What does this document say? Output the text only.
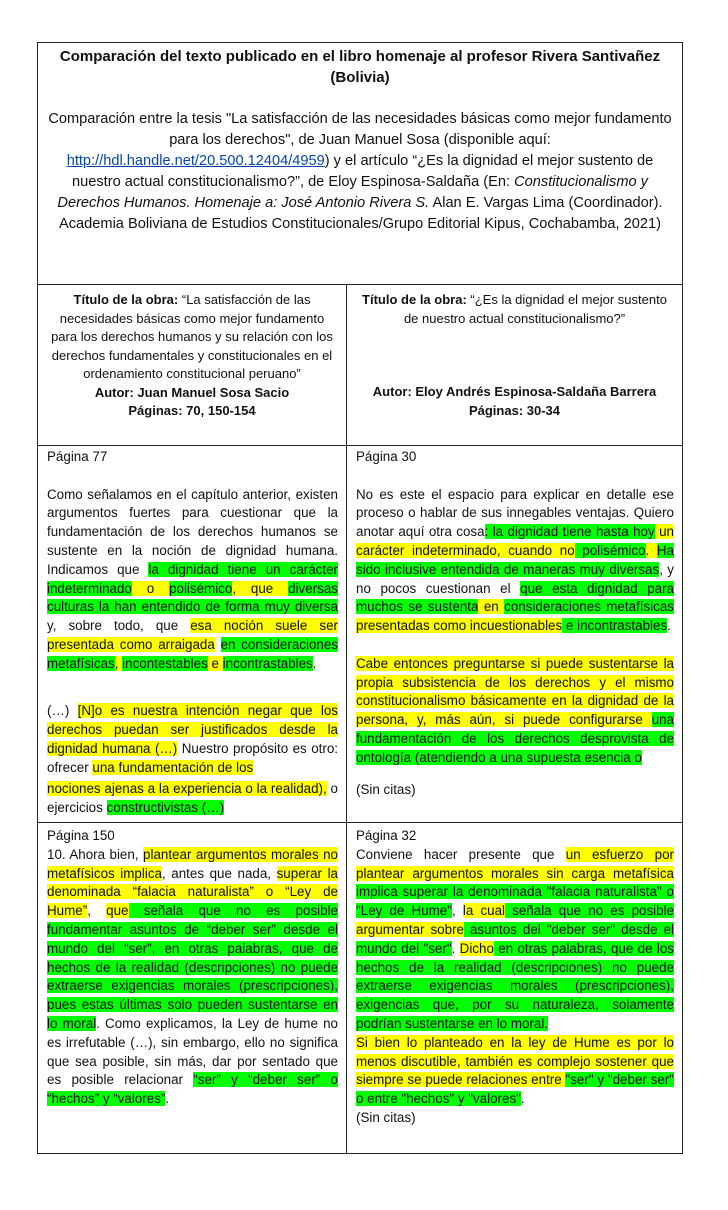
Comparación del texto publicado en el libro homenaje al profesor Rivera Santivañez (Bolivia)
Comparación entre la tesis "La satisfacción de las necesidades básicas como mejor fundamento para los derechos", de Juan Manuel Sosa (disponible aquí: http://hdl.handle.net/20.500.12404/4959) y el artículo “¿Es la dignidad el mejor sustento de nuestro actual constitucionalismo?”, de Eloy Espinosa-Saldaña (En: Constitucionalismo y Derechos Humanos. Homenaje a: José Antonio Rivera S. Alan E. Vargas Lima (Coordinador). Academia Boliviana de Estudios Constitucionales/Grupo Editorial Kipus, Cochabamba, 2021)
Título de la obra: “La satisfacción de las necesidades básicas como mejor fundamento para los derechos humanos y su relación con los derechos fundamentales y constitucionales en el ordenamiento constitucional peruano”
Autor: Juan Manuel Sosa Sacio
Páginas: 70, 150-154
Título de la obra: “¿Es la dignidad el mejor sustento de nuestro actual constitucionalismo?”
Autor: Eloy Andrés Espinosa-Saldaña Barrera
Páginas: 30-34
Página 77
Como señalamos en el capítulo anterior, existen argumentos fuertes para cuestionar que la fundamentación de los derechos humanos se sustente en la noción de dignidad humana. Indicamos que la dignidad tiene un carácter indeterminado o polisémico, que diversas culturas la han entendido de forma muy diversa y, sobre todo, que esa noción suele ser presentada como arraigada en consideraciones metafísicas, incontestables e incontrastables.
(…) [N]o es nuestra intención negar que los derechos puedan ser justificados desde la dignidad humana (…) Nuestro propósito es otro: ofrecer una fundamentación de los
nociones ajenas a la experiencia o la realidad), o ejercicios constructivistas (…)
Página 30
No es este el espacio para explicar en detalle ese proceso o hablar de sus innegables ventajas. Quiero anotar aquí otra cosa: la dignidad tiene hasta hoy un carácter indeterminado, cuando no polisémico. Ha sido inclusive entendida de maneras muy diversas, y no pocos cuestionan el que esta dignidad para muchos se sustenta en consideraciones metafísicas presentadas como incuestionables e incontrastables.
Cabe entonces preguntarse si puede sustentarse la propia subsistencia de los derechos y el mismo constitucionalismo básicamente en la dignidad de la persona, y, más aún, si puede configurarse una fundamentación de los derechos desprovista de ontología (atendiendo a una supuesta esencia o
(Sin citas)
Página 150
10. Ahora bien, plantear argumentos morales no metafísicos implica, antes que nada, superar la denominada “falacia naturalista” o “Ley de Hume”, que señala que no es posible fundamentar asuntos de “deber ser” desde el mundo del “ser”, en otras palabras, que de hechos de la realidad (descripciones) no puede extraerse exigencias morales (prescripciones), pues estas últimas solo pueden sustentarse en lo moral. Como explicamos, la Ley de hume no es irrefutable (…), sin embargo, ello no significa que sea posible, sin más, dar por sentado que es posible relacionar “ser” y “deber ser” o “hechos” y “valores”.
Página 32
Conviene hacer presente que un esfuerzo por plantear argumentos morales sin carga metafísica implica superar la denominada "falacia naturalista" o "Ley de Hume", la cual señala que no es posible argumentar sobre asuntos del "deber ser" desde el mundo del "ser". Dicho en otras palabras, que de los hechos de la realidad (descripciones) no puede extraerse exigencias morales (prescripciones), exigencias que, por su naturaleza, solamente podrían sustentarse en lo moral.
Si bien lo planteado en la ley de Hume es por lo menos discutible, también es complejo sostener que siempre se puede relaciones entre "ser" y "deber ser" o entre "hechos" y "valores".
(Sin citas)
